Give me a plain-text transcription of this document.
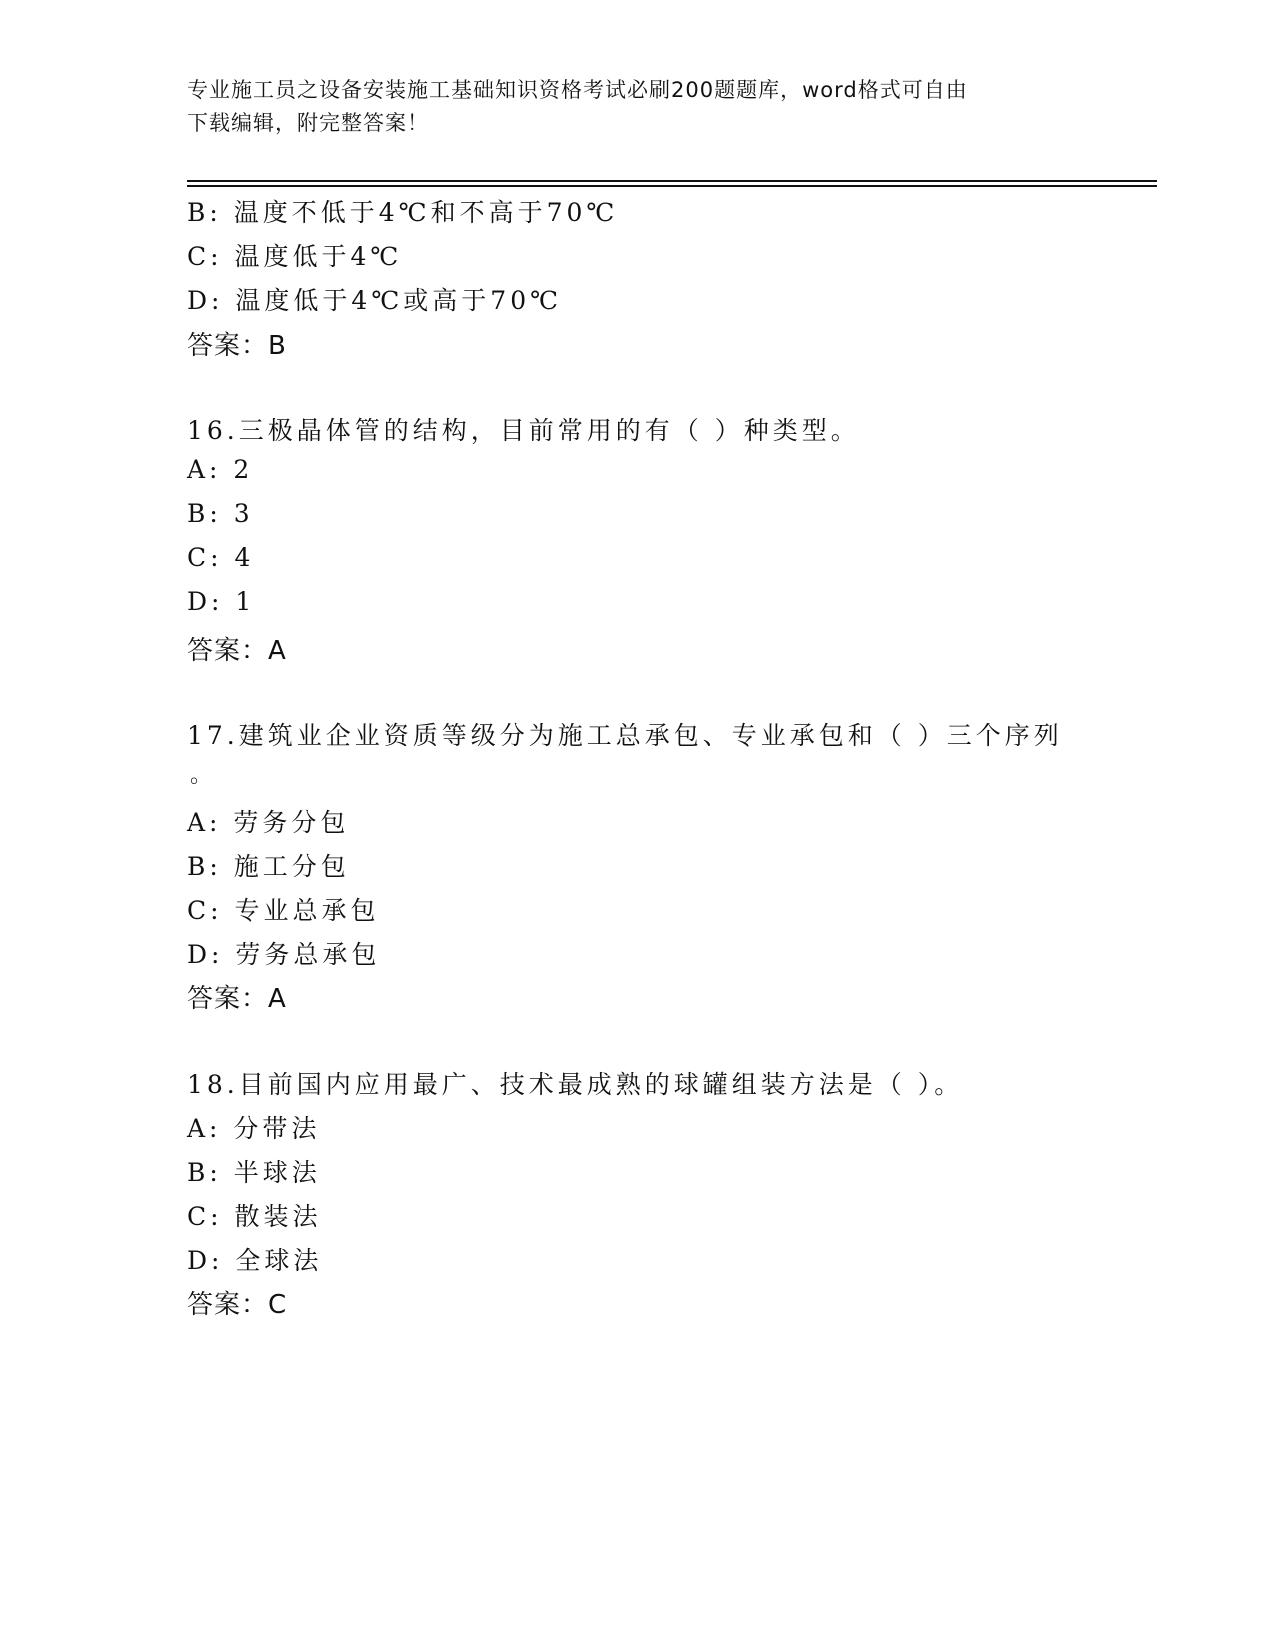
专业施工员之设备安装施工基础知识资格考试必刷200题题库，word格式可自由
下载编辑，附完整答案！
B: 温度不低于4℃和不高于70℃
C: 温度低于4℃
D: 温度低于4℃或高于70℃
答案：B
16.三极晶体管的结构，目前常用的有（ ）种类型。
A: 2
B: 3
C: 4
D: 1
答案：A
17.建筑业企业资质等级分为施工总承包、专业承包和（ ）三个序列
。
A: 劳务分包
B: 施工分包
C: 专业总承包
D: 劳务总承包
答案：A
18.目前国内应用最广、技术最成熟的球罐组装方法是（ ）。
A: 分带法
B: 半球法
C: 散装法
D: 全球法
答案：C
